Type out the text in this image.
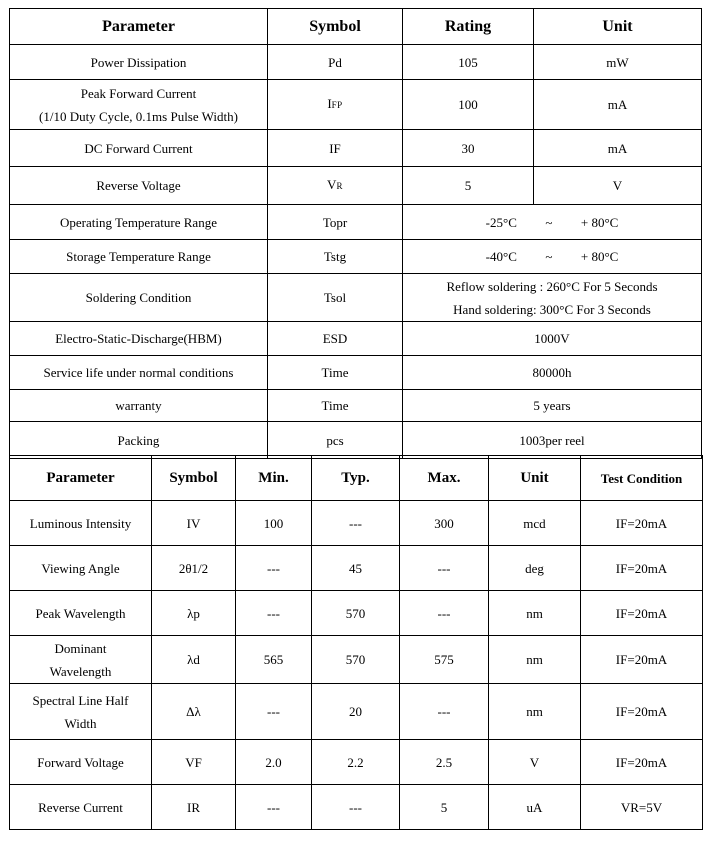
Parameter	Symbol	Rating	Unit
Power Dissipation	Pd	105	mW

Peak Forward Current
(1/10 Duty Cycle, 0.1ms Pulse Width)	IFP	100	mA
DC Forward Current	IF	30	mA
Reverse Voltage	VR	5	V
Operating Temperature Range	Topr	-25°C ~ + 80°C	
Storage Temperature Range	Tstg	-40°C ~ + 80°C	
Soldering Condition	Tsol	Reflow soldering : 260°C For 5 Seconds
Hand soldering: 300°C For 3 Seconds	

Electro-Static-Discharge(HBM)	ESD	1000V	
Service life under normal conditions	Time	80000h	
warranty	Time	5 years	
Packing	pcs	1003per reel	
Parameter	Symbol	Min.	Typ.	Max.	Unit	Test Condition
Luminous Intensity	IV	100	---	300	mcd	IF=20mA
Viewing Angle	2θ1/2	---	45	---	deg	IF=20mA
Peak Wavelength	λp	---	570	---	nm	IF=20mA

Dominant
Wavelength	λd	565	570	575	nm	IF=20mA

Spectral Line Half
Width	Δλ	---	20	---	nm	IF=20mA
Forward Voltage	VF	2.0	2.2	2.5	V	IF=20mA
Reverse Current	IR	---	---	5	uA	VR=5V
